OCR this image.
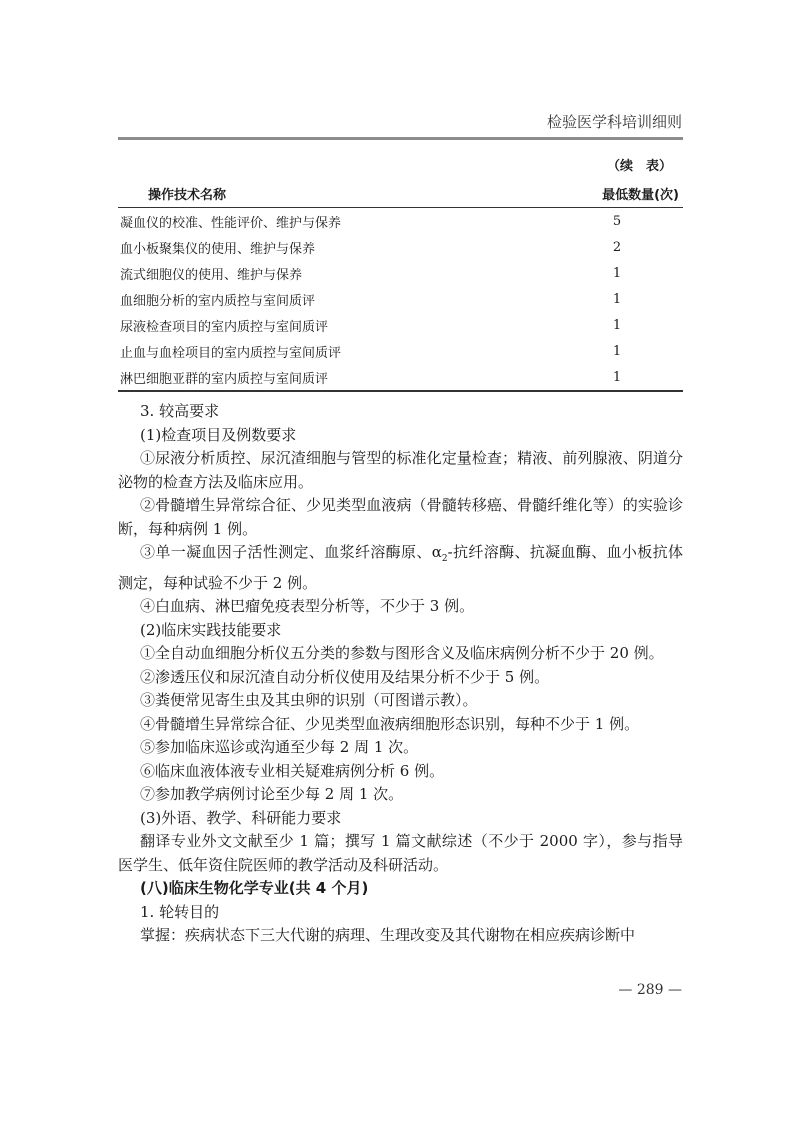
检验医学科培训细则
（续　表）
操作技术名称	最低数量(次)
凝血仪的校准、性能评价、维护与保养	5
血小板聚集仪的使用、维护与保养	2
流式细胞仪的使用、维护与保养	1
血细胞分析的室内质控与室间质评	1
尿液检查项目的室内质控与室间质评	1
止血与血栓项目的室内质控与室间质评	1
淋巴细胞亚群的室内质控与室间质评	1

3. 较高要求

(1)检查项目及例数要求

①尿液分析质控、尿沉渣细胞与管型的标准化定量检查；精液、前列腺液、阴道分泌物的检查方法及临床应用。

②骨髓增生异常综合征、少见类型血液病（骨髓转移癌、骨髓纤维化等）的实验诊断，每种病例 1 例。

③单一凝血因子活性测定、血浆纤溶酶原、$\alpha_2-$抗纤溶酶、抗凝血酶、血小板抗体测定，每种试验不少于 2 例。

④白血病、淋巴瘤免疫表型分析等，不少于 3 例。

(2)临床实践技能要求

①全自动血细胞分析仪五分类的参数与图形含义及临床病例分析不少于 20 例。

②渗透压仪和尿沉渣自动分析仪使用及结果分析不少于 5 例。

③粪便常见寄生虫及其虫卵的识别（可图谱示教）。

④骨髓增生异常综合征、少见类型血液病细胞形态识别，每种不少于 1 例。

⑤参加临床巡诊或沟通至少每 2 周 1 次。

⑥临床血液体液专业相关疑难病例分析 6 例。

⑦参加教学病例讨论至少每 2 周 1 次。

(3)外语、教学、科研能力要求

翻译专业外文文献至少 1 篇；撰写 1 篇文献综述（不少于 2000 字），参与指导医学生、低年资住院医师的教学活动及科研活动。

(八)临床生物化学专业(共 4 个月)

1. 轮转目的

掌握：疾病状态下三大代谢的病理、生理改变及其代谢物在相应疾病诊断中

— 289 —
